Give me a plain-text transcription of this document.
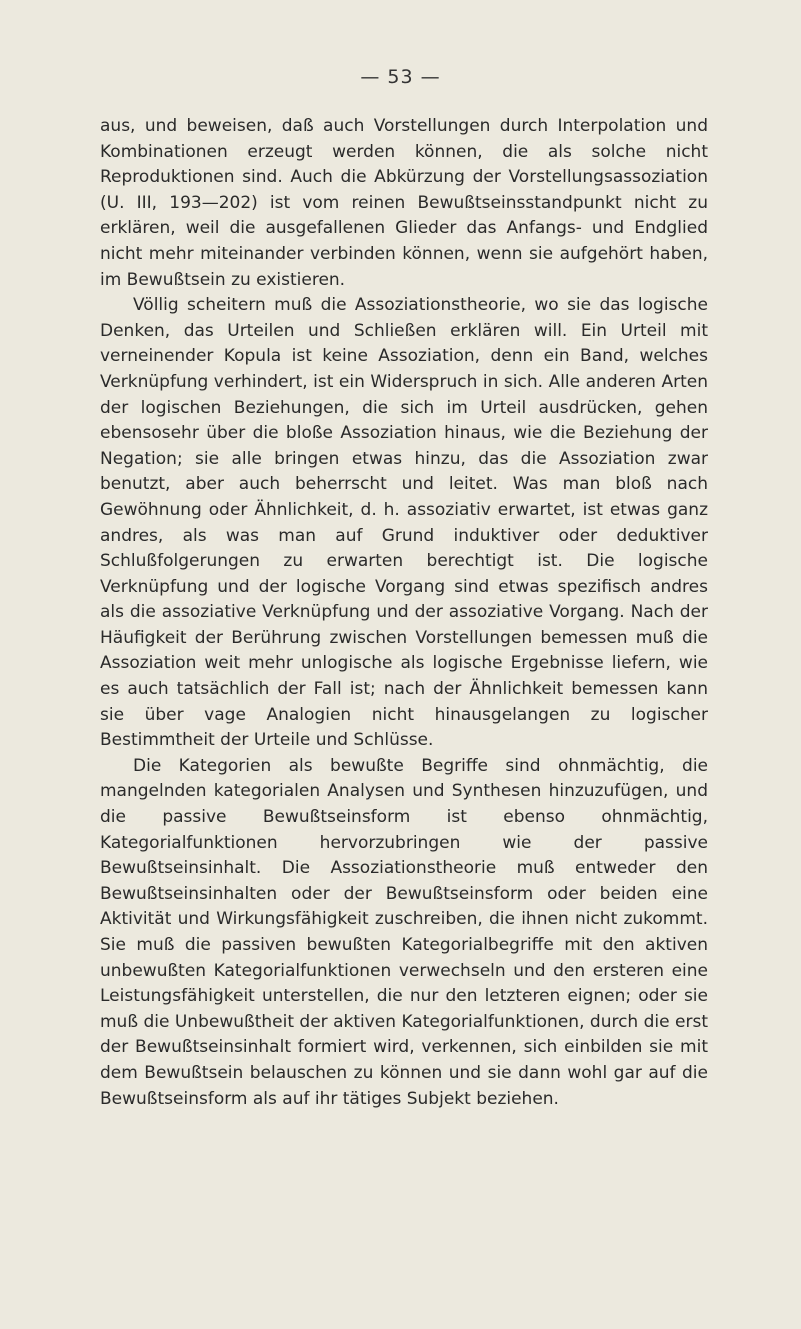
— 53 —

aus, und beweisen, daß auch Vorstellungen durch Interpolation und Kombinationen erzeugt werden können, die als solche nicht Reproduktionen sind. Auch die Abkürzung der Vorstellungsassoziation (U. III, 193—202) ist vom reinen Bewußtseinsstandpunkt nicht zu erklären, weil die ausgefallenen Glieder das Anfangs- und Endglied nicht mehr miteinander verbinden können, wenn sie aufgehört haben, im Bewußtsein zu existieren.

Völlig scheitern muß die Assoziationstheorie, wo sie das logische Denken, das Urteilen und Schließen erklären will. Ein Urteil mit verneinender Kopula ist keine Assoziation, denn ein Band, welches Verknüpfung verhindert, ist ein Widerspruch in sich. Alle anderen Arten der logischen Beziehungen, die sich im Urteil ausdrücken, gehen ebensosehr über die bloße Assoziation hinaus, wie die Beziehung der Negation; sie alle bringen etwas hinzu, das die Assoziation zwar benutzt, aber auch beherrscht und leitet. Was man bloß nach Gewöhnung oder Ähnlichkeit, d. h. assoziativ erwartet, ist etwas ganz andres, als was man auf Grund induktiver oder deduktiver Schlußfolgerungen zu erwarten berechtigt ist. Die logische Verknüpfung und der logische Vorgang sind etwas spezifisch andres als die assoziative Verknüpfung und der assoziative Vorgang. Nach der Häufigkeit der Berührung zwischen Vorstellungen bemessen muß die Assoziation weit mehr unlogische als logische Ergebnisse liefern, wie es auch tatsächlich der Fall ist; nach der Ähnlichkeit bemessen kann sie über vage Analogien nicht hinausgelangen zu logischer Bestimmtheit der Urteile und Schlüsse.

Die Kategorien als bewußte Begriffe sind ohnmächtig, die mangelnden kategorialen Analysen und Synthesen hinzuzufügen, und die passive Bewußtseinsform ist ebenso ohnmächtig, Kategorialfunktionen hervorzubringen wie der passive Bewußtseinsinhalt. Die Assoziationstheorie muß entweder den Bewußtseinsinhalten oder der Bewußtseinsform oder beiden eine Aktivität und Wirkungsfähigkeit zuschreiben, die ihnen nicht zukommt. Sie muß die passiven bewußten Kategorialbegriffe mit den aktiven unbewußten Kategorialfunktionen verwechseln und den ersteren eine Leistungsfähigkeit unterstellen, die nur den letzteren eignen; oder sie muß die Unbewußtheit der aktiven Kategorialfunktionen, durch die erst der Bewußtseinsinhalt formiert wird, verkennen, sich einbilden sie mit dem Bewußtsein belauschen zu können und sie dann wohl gar auf die Bewußtseinsform als auf ihr tätiges Subjekt beziehen.
